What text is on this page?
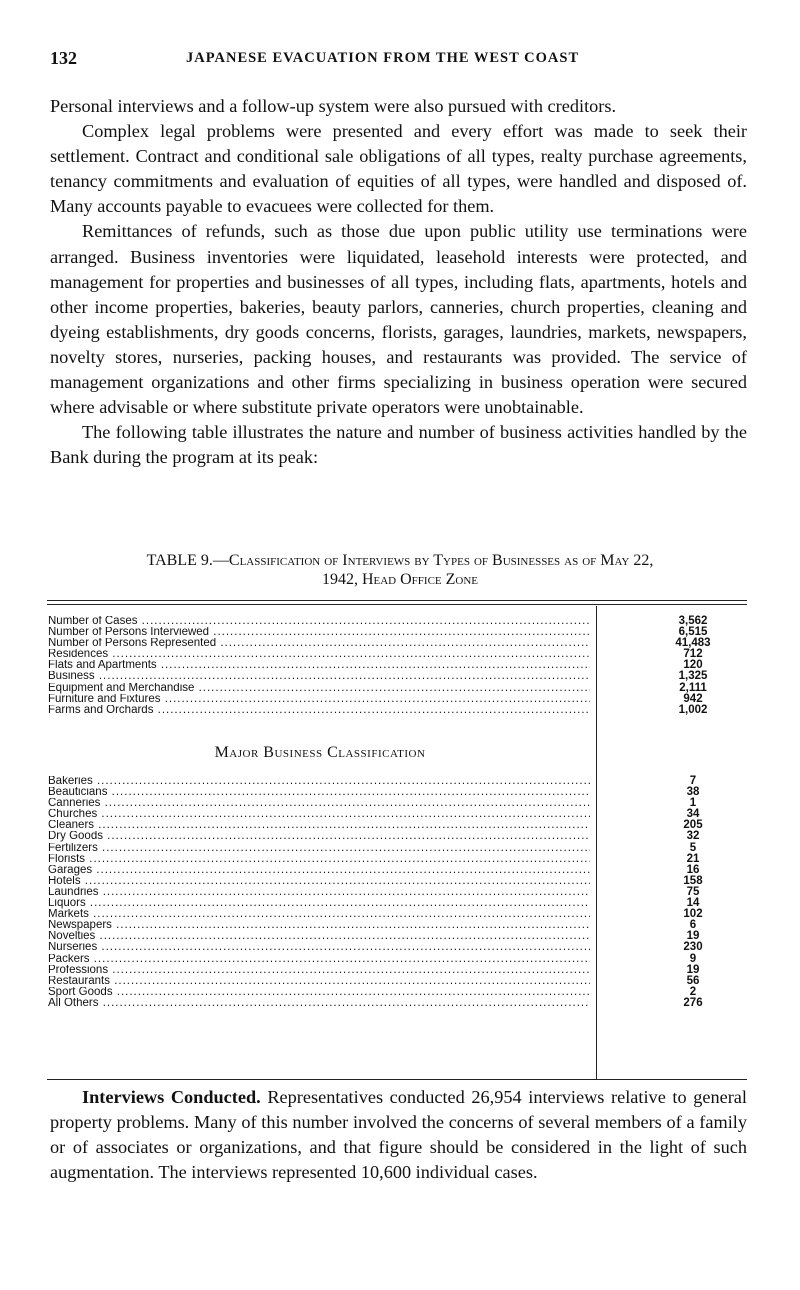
132	JAPANESE EVACUATION FROM THE WEST COAST

Personal interviews and a follow-up system were also pursued with creditors.

Complex legal problems were presented and every effort was made to seek their settlement. Contract and conditional sale obligations of all types, realty purchase agreements, tenancy commitments and evaluation of equities of all types, were handled and disposed of. Many accounts payable to evacuees were collected for them.

Remittances of refunds, such as those due upon public utility use terminations were arranged. Business inventories were liquidated, leasehold interests were protected, and management for properties and businesses of all types, including flats, apartments, hotels and other income properties, bakeries, beauty parlors, canneries, church properties, cleaning and dyeing establishments, dry goods concerns, florists, garages, laundries, markets, newspapers, novelty stores, nurseries, packing houses, and restaurants was provided. The service of management organizations and other firms specializing in business operation were secured where advisable or where substitute private operators were unobtainable.

The following table illustrates the nature and number of business activities handled by the Bank during the program at its peak:

TABLE 9.—Classification of Interviews by Types of Businesses as of May 22,
1942, Head Office Zone
Number of Cases .....	3,562
Number of Persons Interviewed .....	6,515
Number of Persons Represented .....	41,483
Residences .....	712
Flats and Apartments .....	120
Business .....	1,325
Equipment and Merchandise .....	2,111
Furniture and Fixtures .....	942
Farms and Orchards .....	1,002
Major Business Classification
Bakeries .....	7
Beauticians .....	38
Canneries .....	1
Churches .....	34
Cleaners .....	205
Dry Goods .....	32
Fertilizers .....	5
Florists .....	21
Garages .....	16
Hotels .....	158
Laundries .....	75
Liquors .....	14
Markets .....	102
Newspapers .....	6
Novelties .....	19
Nurseries .....	230
Packers .....	9
Professions .....	19
Restaurants .....	56
Sport Goods .....	2
All Others .....	276

Interviews Conducted. Representatives conducted 26,954 interviews relative to general property problems. Many of this number involved the concerns of several members of a family or of associates or organizations, and that figure should be considered in the light of such augmentation. The interviews represented 10,600 individual cases.
